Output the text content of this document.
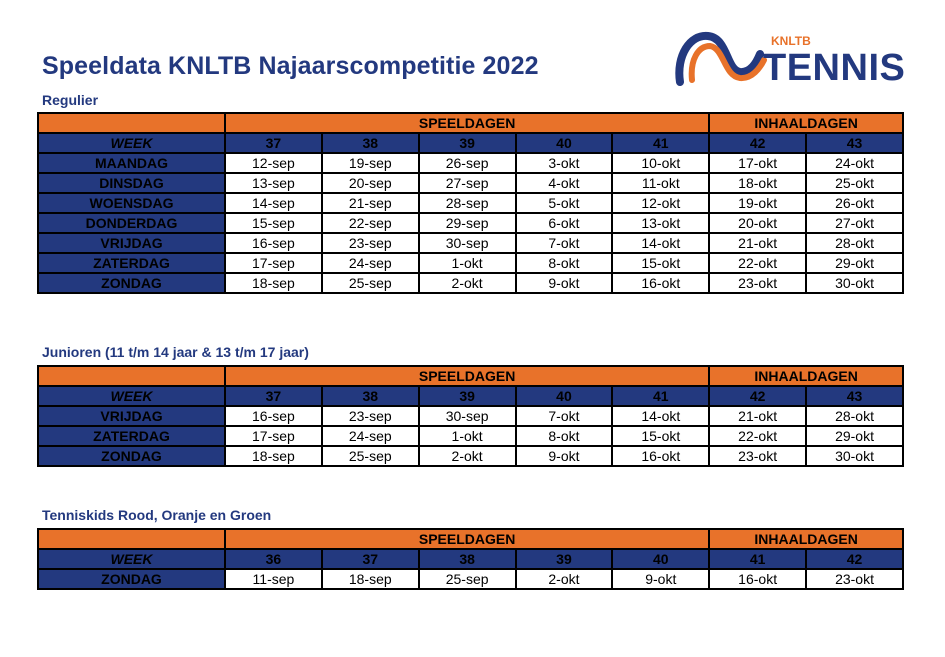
Speeldata KNLTB Najaarscompetitie 2022
KNLTB
TENNIS
Regulier
	SPEELDAGEN					INHAALDAGEN	
WEEK	37	38	39	40	41	42	43
MAANDAG	12-sep	19-sep	26-sep	3-okt	10-okt	17-okt	24-okt
DINSDAG	13-sep	20-sep	27-sep	4-okt	11-okt	18-okt	25-okt
WOENSDAG	14-sep	21-sep	28-sep	5-okt	12-okt	19-okt	26-okt
DONDERDAG	15-sep	22-sep	29-sep	6-okt	13-okt	20-okt	27-okt
VRIJDAG	16-sep	23-sep	30-sep	7-okt	14-okt	21-okt	28-okt
ZATERDAG	17-sep	24-sep	1-okt	8-okt	15-okt	22-okt	29-okt
ZONDAG	18-sep	25-sep	2-okt	9-okt	16-okt	23-okt	30-okt
Junioren (11 t/m 14 jaar & 13 t/m 17 jaar)
	SPEELDAGEN					INHAALDAGEN	
WEEK	37	38	39	40	41	42	43
VRIJDAG	16-sep	23-sep	30-sep	7-okt	14-okt	21-okt	28-okt
ZATERDAG	17-sep	24-sep	1-okt	8-okt	15-okt	22-okt	29-okt
ZONDAG	18-sep	25-sep	2-okt	9-okt	16-okt	23-okt	30-okt
Tenniskids Rood, Oranje en Groen
	SPEELDAGEN					INHAALDAGEN	
WEEK	36	37	38	39	40	41	42
ZONDAG	11-sep	18-sep	25-sep	2-okt	9-okt	16-okt	23-okt
